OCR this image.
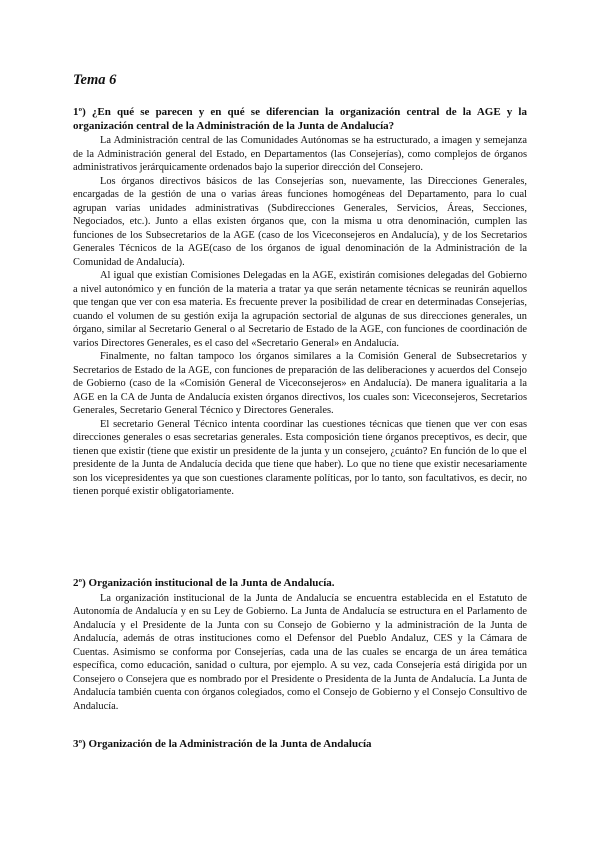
Tema 6
1º) ¿En qué se parecen y en qué se diferencian la organización central de la AGE y la organización central de la Administración de la Junta de Andalucía?

La Administración central de las Comunidades Autónomas se ha estructurado, a imagen y semejanza de la Administración general del Estado, en Departamentos (las Consejerías), como complejos de órganos administrativos jerárquicamente ordenados bajo la superior dirección del Consejero.

Los órganos directivos básicos de las Consejerías son, nuevamente, las Direcciones Generales, encargadas de la gestión de una o varias áreas funciones homogéneas del Departamento, para lo cual agrupan varias unidades administrativas (Subdirecciones Generales, Servicios, Áreas, Secciones, Negociados, etc.). Junto a ellas existen órganos que, con la misma u otra denominación, cumplen las funciones de los Subsecretarios de la AGE (caso de los Viceconsejeros en Andalucía), y de los Secretarios Generales Técnicos de la AGE(caso de los órganos de igual denominación de la Administración de la Comunidad de Andalucía).

Al igual que existían Comisiones Delegadas en la AGE, existirán comisiones delegadas del Gobierno a nivel autonómico y en función de la materia a tratar ya que serán netamente técnicas se reunirán aquellos que tengan que ver con esa materia. Es frecuente prever la posibilidad de crear en determinadas Consejerías, cuando el volumen de su gestión exija la agrupación sectorial de algunas de sus direcciones generales, un órgano, similar al Secretario General o al Secretario de Estado de la AGE, con funciones de coordinación de varios Directores Generales, es el caso del «Secretario General» en Andalucía.

Finalmente, no faltan tampoco los órganos similares a la Comisión General de Subsecretarios y Secretarios de Estado de la AGE, con funciones de preparación de las deliberaciones y acuerdos del Consejo de Gobierno (caso de la «Comisión General de Viceconsejeros» en Andalucía). De manera igualitaria a la AGE en la CA de Junta de Andalucía existen órganos directivos, los cuales son: Viceconsejeros, Secretarios Generales, Secretario General Técnico y Directores Generales.

El secretario General Técnico intenta coordinar las cuestiones técnicas que tienen que ver con esas direcciones generales o esas secretarias generales. Esta composición tiene órganos preceptivos, es decir, que tienen que existir (tiene que existir un presidente de la junta y un consejero, ¿cuánto? En función de lo que el presidente de la Junta de Andalucía decida que tiene que haber). Lo que no tiene que existir necesariamente son los vicepresidentes ya que son cuestiones claramente políticas, por lo tanto, son facultativos, es decir, no tienen porqué existir obligatoriamente.

2º) Organización institucional de la Junta de Andalucía.

La organización institucional de la Junta de Andalucía se encuentra establecida en el Estatuto de Autonomía de Andalucía y en su Ley de Gobierno. La Junta de Andalucía se estructura en el Parlamento de Andalucía y el Presidente de la Junta con su Consejo de Gobierno y la administración de la Junta de Andalucía, además de otras instituciones como el Defensor del Pueblo Andaluz, CES y la Cámara de Cuentas. Asimismo se conforma por Consejerías, cada una de las cuales se encarga de un área temática específica, como educación, sanidad o cultura, por ejemplo. A su vez, cada Consejería está dirigida por un Consejero o Consejera que es nombrado por el Presidente o Presidenta de la Junta de Andalucía. La Junta de Andalucía también cuenta con órganos colegiados, como el Consejo de Gobierno y el Consejo Consultivo de Andalucía.

3º) Organización de la Administración de la Junta de Andalucía
